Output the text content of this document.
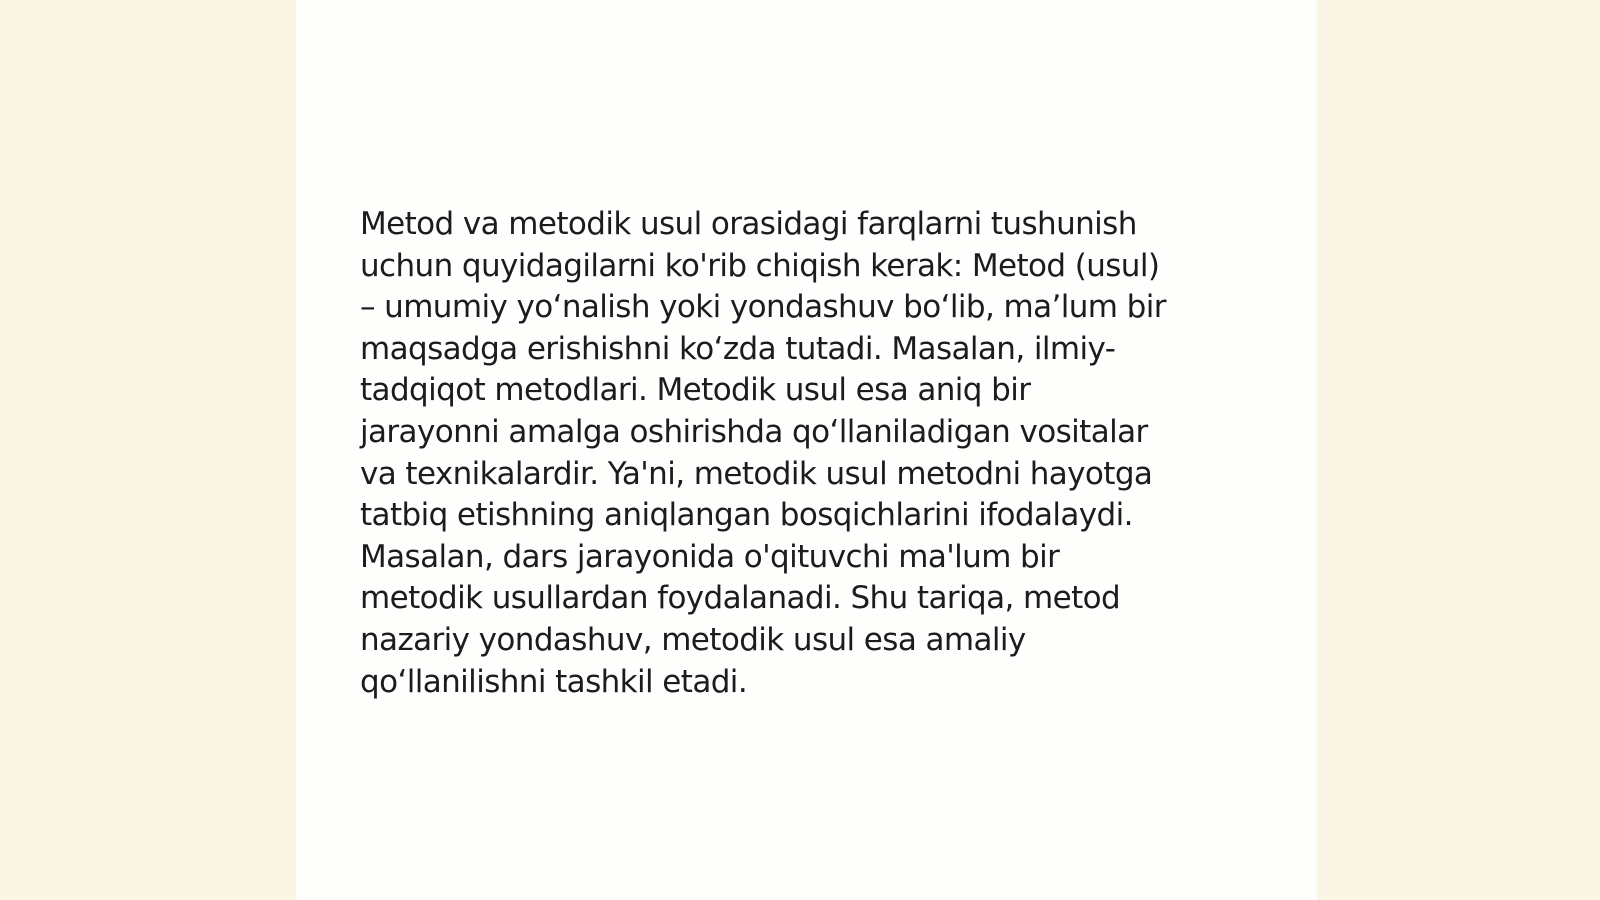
Metod va metodik usul orasidagi farqlarni tushunish
uchun quyidagilarni ko'rib chiqish kerak: Metod (usul)
– umumiy yo‘nalish yoki yondashuv bo‘lib, ma’lum bir
maqsadga erishishni ko‘zda tutadi. Masalan, ilmiy-
tadqiqot metodlari. Metodik usul esa aniq bir
jarayonni amalga oshirishda qo‘llaniladigan vositalar
va texnikalardir. Ya'ni, metodik usul metodni hayotga
tatbiq etishning aniqlangan bosqichlarini ifodalaydi.
Masalan, dars jarayonida o'qituvchi ma'lum bir
metodik usullardan foydalanadi. Shu tariqa, metod
nazariy yondashuv, metodik usul esa amaliy
qo‘llanilishni tashkil etadi.
